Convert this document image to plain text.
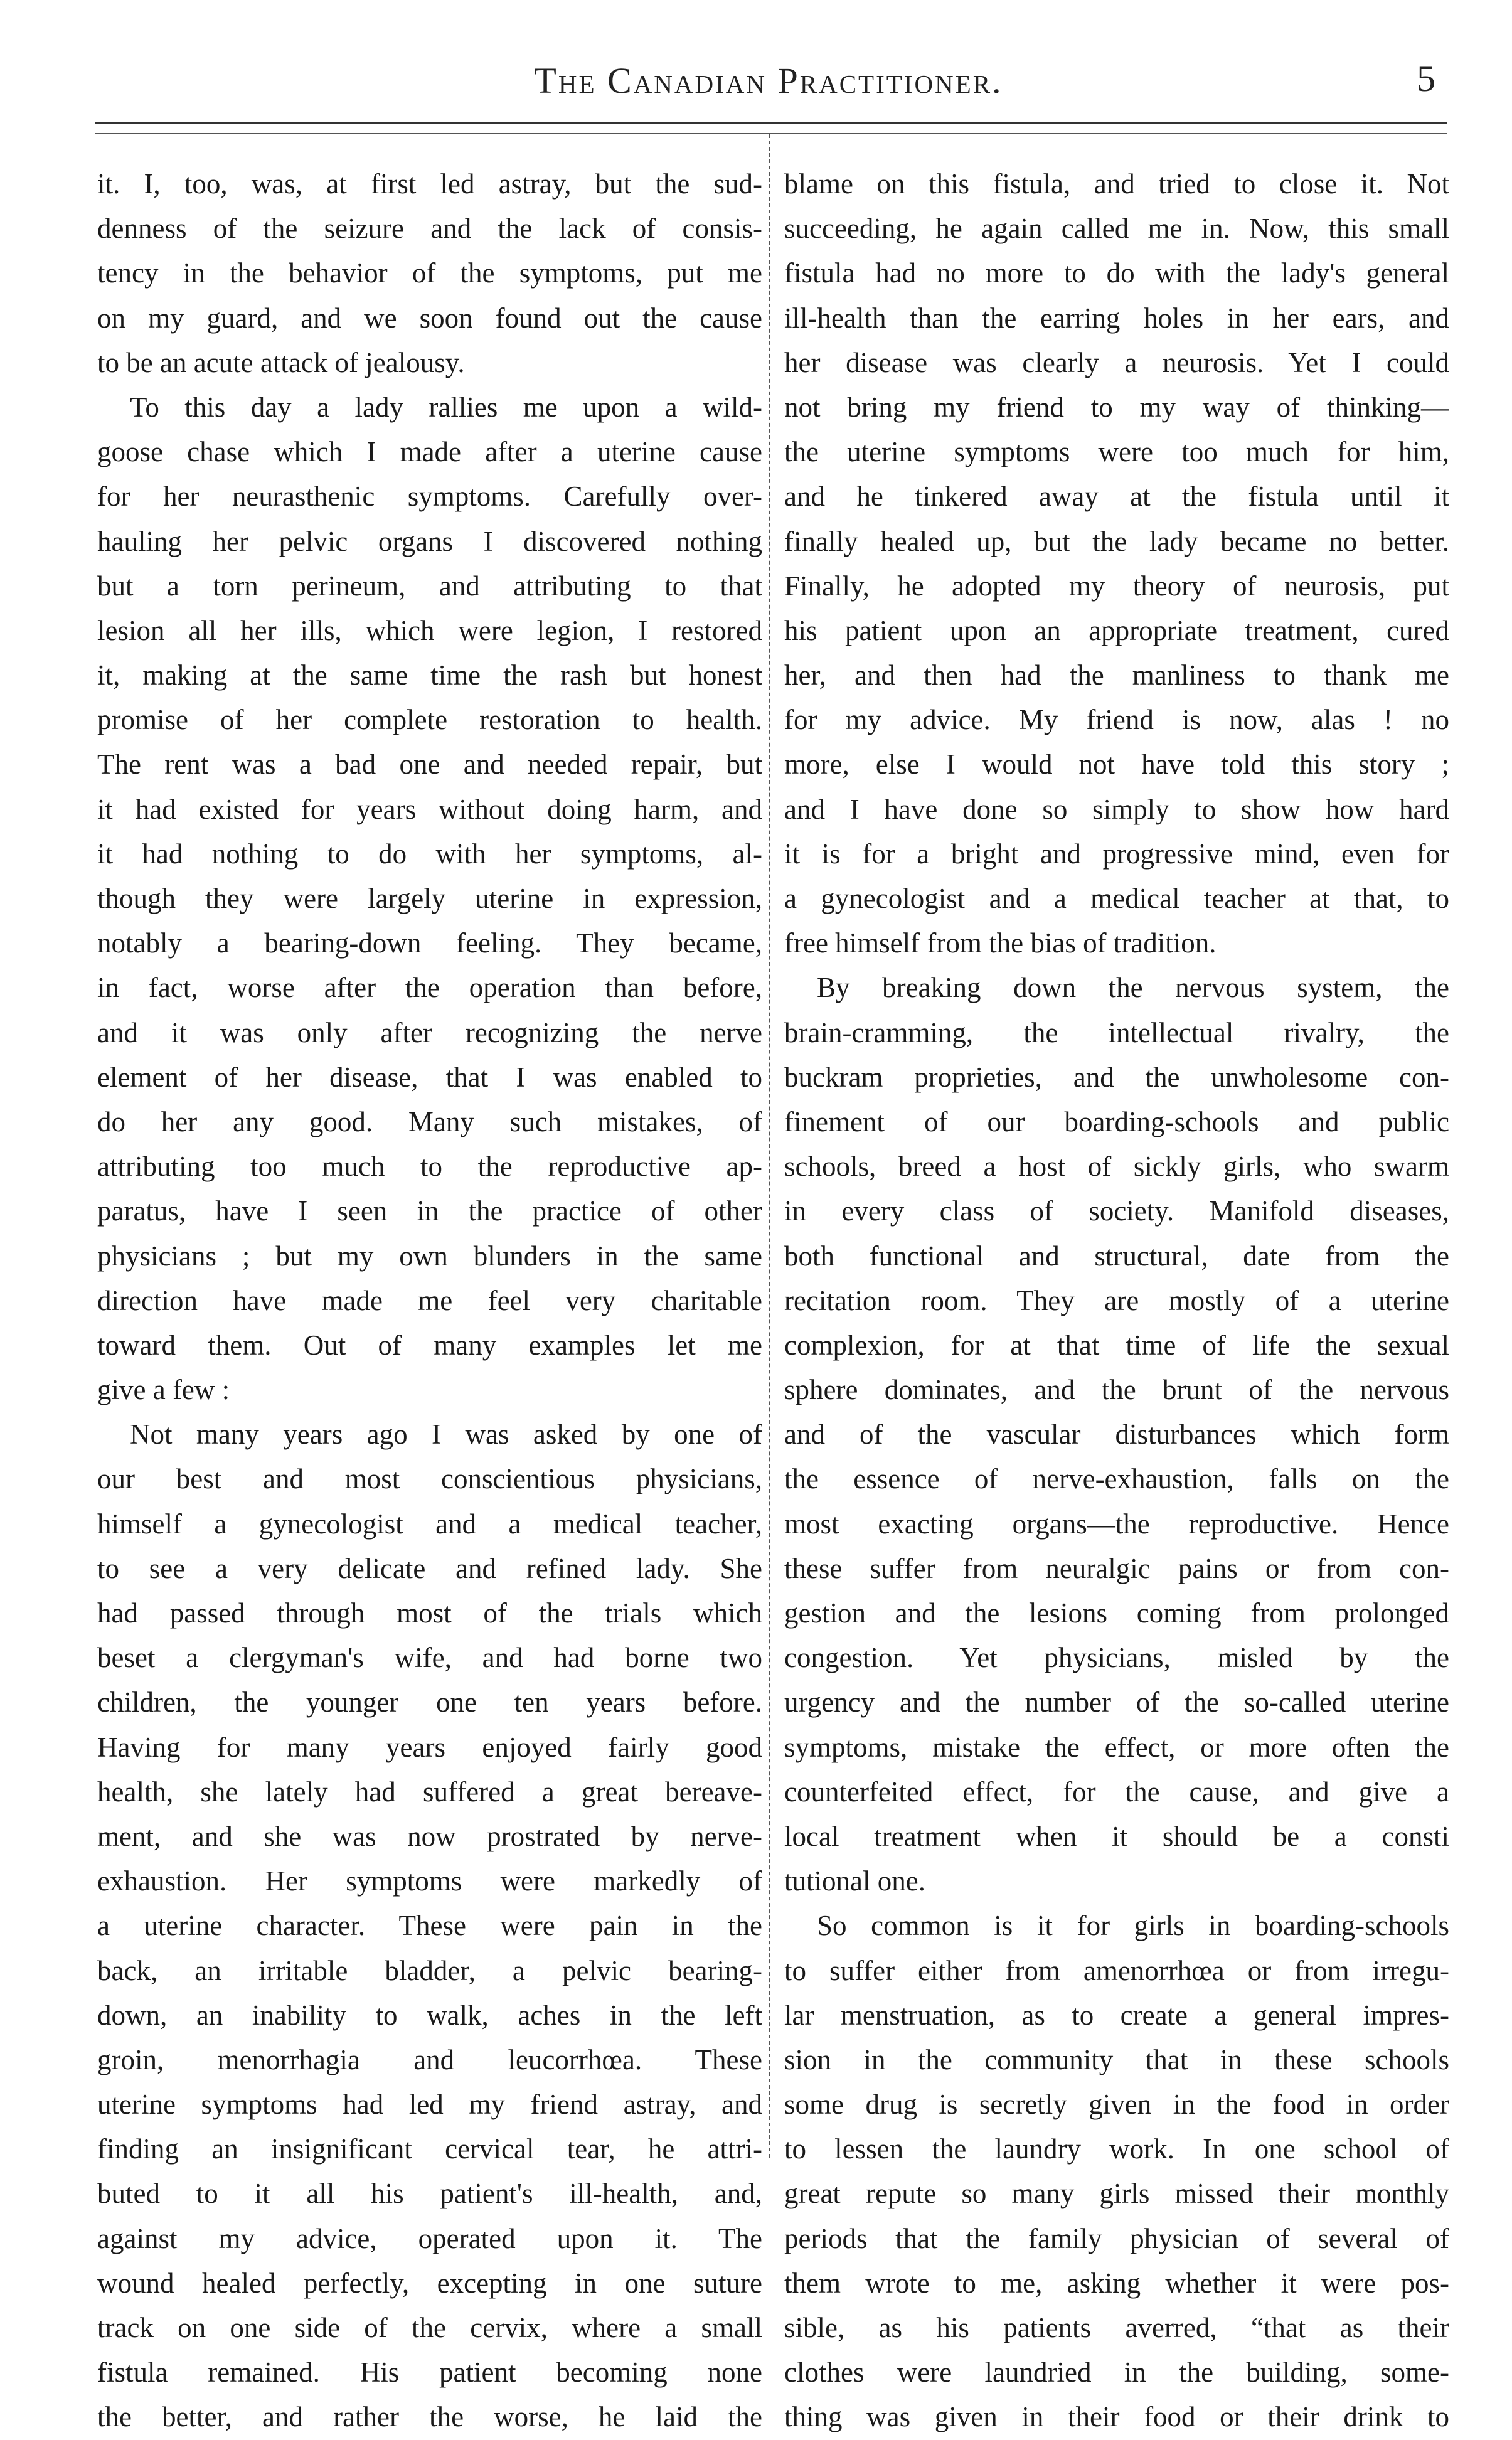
The Canadian Practitioner.	5
it. I, too, was, at first led astray, but the sud-
denness of the seizure and the lack of consis-
tency in the behavior of the symptoms, put me
on my guard, and we soon found out the cause
to be an acute attack of jealousy.
To this day a lady rallies me upon a wild-
goose chase which I made after a uterine cause
for her neurasthenic symptoms. Carefully over-
hauling her pelvic organs I discovered nothing
but a torn perineum, and attributing to that
lesion all her ills, which were legion, I restored
it, making at the same time the rash but honest
promise of her complete restoration to health.
The rent was a bad one and needed repair, but
it had existed for years without doing harm, and
it had nothing to do with her symptoms, al-
though they were largely uterine in expression,
notably a bearing-down feeling. They became,
in fact, worse after the operation than before,
and it was only after recognizing the nerve
element of her disease, that I was enabled to
do her any good. Many such mistakes, of
attributing too much to the reproductive ap-
paratus, have I seen in the practice of other
physicians ; but my own blunders in the same
direction have made me feel very charitable
toward them. Out of many examples let me
give a few :
Not many years ago I was asked by one of
our best and most conscientious physicians,
himself a gynecologist and a medical teacher,
to see a very delicate and refined lady. She
had passed through most of the trials which
beset a clergyman's wife, and had borne two
children, the younger one ten years before.
Having for many years enjoyed fairly good
health, she lately had suffered a great bereave-
ment, and she was now prostrated by nerve-
exhaustion. Her symptoms were markedly of
a uterine character. These were pain in the
back, an irritable bladder, a pelvic bearing-
down, an inability to walk, aches in the left
groin, menorrhagia and leucorrhœa. These
uterine symptoms had led my friend astray, and
finding an insignificant cervical tear, he attri-
buted to it all his patient's ill-health, and,
against my advice, operated upon it. The
wound healed perfectly, excepting in one suture
track on one side of the cervix, where a small
fistula remained. His patient becoming none
the better, and rather the worse, he laid the
blame on this fistula, and tried to close it. Not
succeeding, he again called me in. Now, this small
fistula had no more to do with the lady's general
ill-health than the earring holes in her ears, and
her disease was clearly a neurosis. Yet I could
not bring my friend to my way of thinking—
the uterine symptoms were too much for him,
and he tinkered away at the fistula until it
finally healed up, but the lady became no better.
Finally, he adopted my theory of neurosis, put
his patient upon an appropriate treatment, cured
her, and then had the manliness to thank me
for my advice. My friend is now, alas ! no
more, else I would not have told this story ;
and I have done so simply to show how hard
it is for a bright and progressive mind, even for
a gynecologist and a medical teacher at that, to
free himself from the bias of tradition.
By breaking down the nervous system, the
brain-cramming, the intellectual rivalry, the
buckram proprieties, and the unwholesome con-
finement of our boarding-schools and public
schools, breed a host of sickly girls, who swarm
in every class of society. Manifold diseases,
both functional and structural, date from the
recitation room. They are mostly of a uterine
complexion, for at that time of life the sexual
sphere dominates, and the brunt of the nervous
and of the vascular disturbances which form
the essence of nerve-exhaustion, falls on the
most exacting organs—the reproductive. Hence
these suffer from neuralgic pains or from con-
gestion and the lesions coming from prolonged
congestion. Yet physicians, misled by the
urgency and the number of the so-called uterine
symptoms, mistake the effect, or more often the
counterfeited effect, for the cause, and give a
local treatment when it should be a consti
tutional one.
So common is it for girls in boarding-schools
to suffer either from amenorrhœa or from irregu-
lar menstruation, as to create a general impres-
sion in the community that in these schools
some drug is secretly given in the food in order
to lessen the laundry work. In one school of
great repute so many girls missed their monthly
periods that the family physician of several of
them wrote to me, asking whether it were pos-
sible, as his patients averred, “that as their
clothes were laundried in the building, some-
thing was given in their food or their drink to
